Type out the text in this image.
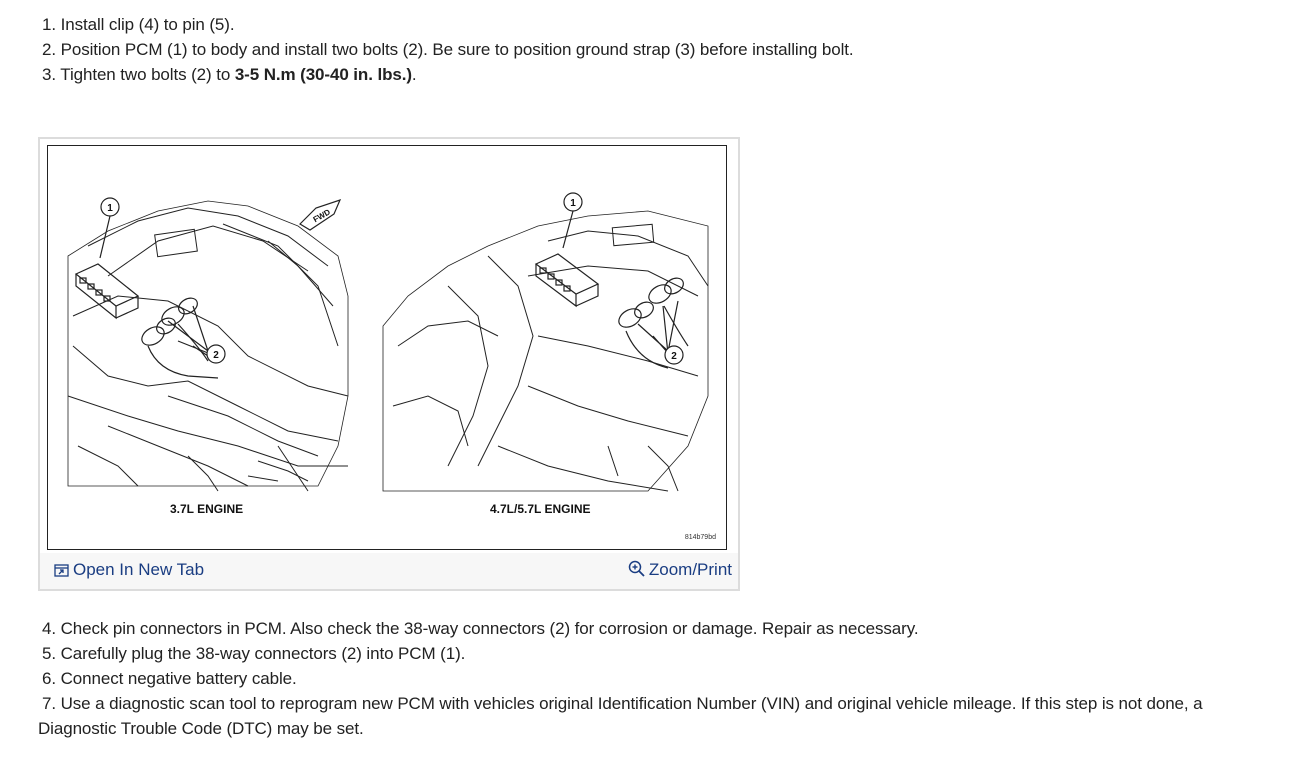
1. Install clip (4) to pin (5).

2. Position PCM (1) to body and install two bolts (2). Be sure to position ground strap (3) before installing bolt.

3. Tighten two bolts (2) to 3-5 N.m (30-40 in. lbs.).

1
2
1
2
FWD
3.7L ENGINE	4.7L/5.7L ENGINE
814b79bd
Open In New Tab	Zoom/Print

4. Check pin connectors in PCM. Also check the 38-way connectors (2) for corrosion or damage. Repair as necessary.

5. Carefully plug the 38-way connectors (2) into PCM (1).

6. Connect negative battery cable.

7. Use a diagnostic scan tool to reprogram new PCM with vehicles original Identification Number (VIN) and original vehicle mileage. If this step is not done, a Diagnostic Trouble Code (DTC) may be set.
